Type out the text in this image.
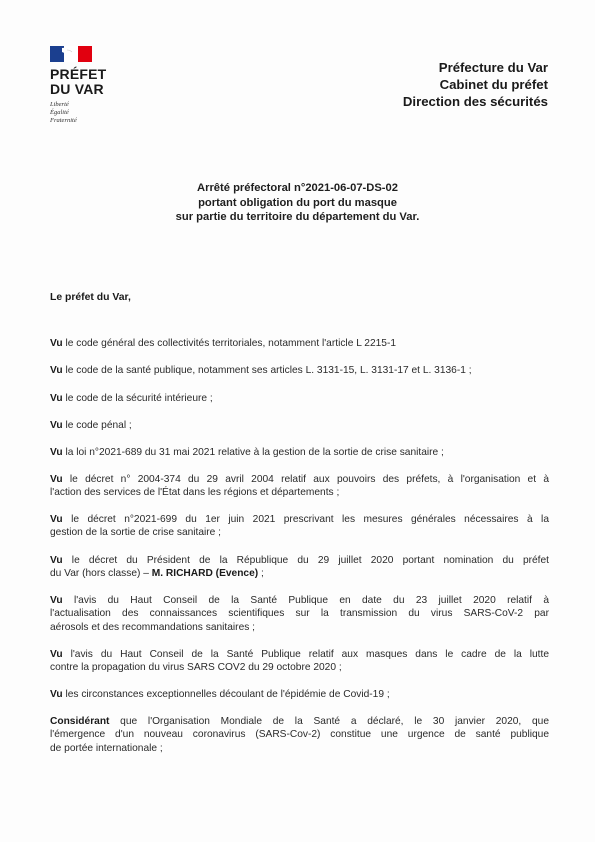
PRÉFET
DU VAR
Liberté
Égalité
Fraternité
Préfecture du Var
Cabinet du préfet
Direction des sécurités
Arrêté préfectoral n°2021-06-07-DS-02
portant obligation du port du masque
sur partie du territoire du département du Var.
Le préfet du Var,
Vu le code général des collectivités territoriales, notamment l'article L 2215-1
Vu le code de la santé publique, notamment ses articles L. 3131-15, L. 3131-17 et L. 3136-1 ;
Vu le code de la sécurité intérieure ;
Vu le code pénal ;
Vu la loi n°2021-689 du 31 mai 2021 relative à la gestion de la sortie de crise sanitaire ;
Vu le décret n° 2004-374 du 29 avril 2004 relatif aux pouvoirs des préfets, à l'organisation et à
l'action des services de l'État dans les régions et départements ;
Vu le décret n°2021-699 du 1er juin 2021 prescrivant les mesures générales nécessaires à la
gestion de la sortie de crise sanitaire ;
Vu le décret du Président de la République du 29 juillet 2020 portant nomination du préfet
du Var (hors classe) – M. RICHARD (Evence) ;
Vu l'avis du Haut Conseil de la Santé Publique en date du 23 juillet 2020 relatif à
l'actualisation des connaissances scientifiques sur la transmission du virus SARS-CoV-2 par
aérosols et des recommandations sanitaires ;
Vu l'avis du Haut Conseil de la Santé Publique relatif aux masques dans le cadre de la lutte
contre la propagation du virus SARS COV2 du 29 octobre 2020 ;
Vu les circonstances exceptionnelles découlant de l'épidémie de Covid-19 ;
Considérant que l'Organisation Mondiale de la Santé a déclaré, le 30 janvier 2020, que
l'émergence d'un nouveau coronavirus (SARS-Cov-2) constitue une urgence de santé publique
de portée internationale ;
